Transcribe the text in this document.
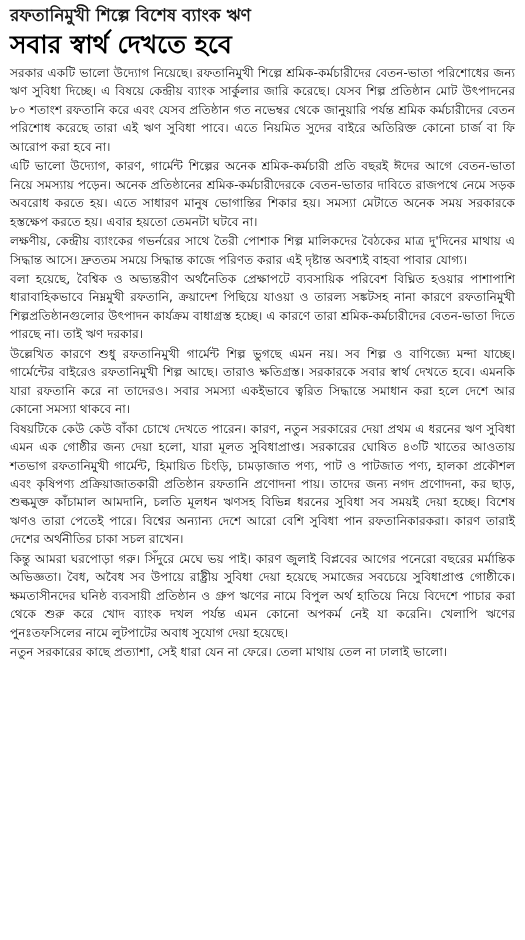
রফতানিমুখী শিল্পে বিশেষ ব্যাংক ঋণ
সবার স্বার্থ দেখতে হবে

সরকার একটি ভালো উদ্যোগ নিয়েছে। রফতানিমুখী শিল্পে শ্রমিক-কর্মচারীদের বেতন-ভাতা পরিশোধের জন্য ঋণ সুবিধা দিচ্ছে। এ বিষয়ে কেন্দ্রীয় ব্যাংক সার্কুলার জারি করেছে। যেসব শিল্প প্রতিষ্ঠান মোট উৎপাদনের ৮০ শতাংশ রফতানি করে এবং যেসব প্রতিষ্ঠান গত নভেম্বর থেকে জানুয়ারি পর্যন্ত শ্রমিক কর্মচারীদের বেতন পরিশোধ করেছে তারা এই ঋণ সুবিধা পাবে। এতে নিয়মিত সুদের বাইরে অতিরিক্ত কোনো চার্জ বা ফি আরোপ করা হবে না।

এটি ভালো উদ্যোগ, কারণ, গার্মেন্ট শিল্পের অনেক শ্রমিক-কর্মচারী প্রতি বছরই ঈদের আগে বেতন-ভাতা নিয়ে সমস্যায় পড়েন। অনেক প্রতিষ্ঠানের শ্রমিক-কর্মচারীদেরকে বেতন-ভাতার দাবিতে রাজপথে নেমে সড়ক অবরোধ করতে হয়। এতে সাধারণ মানুষ ভোগান্তির শিকার হয়। সমস্যা মেটাতে অনেক সময় সরকারকে হস্তক্ষেপ করতে হয়। এবার হয়তো তেমনটা ঘটবে না।

লক্ষণীয়, কেন্দ্রীয় ব্যাংকের গভর্নরের সাথে তৈরী পোশাক শিল্প মালিকদের বৈঠকের মাত্র দু'দিনের মাথায় এ সিদ্ধান্ত আসে। দ্রুততম সময়ে সিদ্ধান্ত কাজে পরিণত করার এই দৃষ্টান্ত অবশ্যই বাহবা পাবার যোগ্য।

বলা হয়েছে, বৈশ্বিক ও অভ্যন্তরীণ অর্থনৈতিক প্রেক্ষাপটে ব্যবসায়িক পরিবেশ বিঘ্নিত হওয়ার পাশাপাশি ধারাবাহিকভাবে নিম্নমুখী রফতানি, ক্রয়াদেশ পিছিয়ে যাওয়া ও তারল্য সঙ্কটসহ নানা কারণে রফতানিমুখী শিল্পপ্রতিষ্ঠানগুলোর উৎপাদন কার্যক্রম বাধাগ্রস্ত হচ্ছে। এ কারণে তারা শ্রমিক-কর্মচারীদের বেতন-ভাতা দিতে পারছে না। তাই ঋণ দরকার।

উল্লেখিত কারণে শুধু রফতানিমুখী গার্মেন্ট শিল্প ভুগছে এমন নয়। সব শিল্প ও বাণিজ্যে মন্দা যাচ্ছে। গার্মেন্টের বাইরেও রফতানিমুখী শিল্প আছে। তারাও ক্ষতিগ্রস্ত। সরকারকে সবার স্বার্থ দেখতে হবে। এমনকি যারা রফতানি করে না তাদেরও। সবার সমস্যা একইভাবে ত্বরিত সিদ্ধান্তে সমাধান করা হলে দেশে আর কোনো সমস্যা থাকবে না।

বিষয়টিকে কেউ কেউ বাঁকা চোখে দেখতে পারেন। কারণ, নতুন সরকারের দেয়া প্রথম এ ধরনের ঋণ সুবিধা এমন এক গোষ্ঠীর জন্য দেয়া হলো, যারা মূলত সুবিধাপ্রাপ্ত। সরকারের ঘোষিত ৪৩টি খাতের আওতায় শতভাগ রফতানিমুখী গার্মেন্ট, হিমায়িত চিংড়ি, চামড়াজাত পণ্য, পাট ও পাটজাত পণ্য, হালকা প্রকৌশল এবং কৃষিপণ্য প্রক্রিয়াজাতকারী প্রতিষ্ঠান রফতানি প্রণোদনা পায়। তাদের জন্য নগদ প্রণোদনা, কর ছাড়, শুল্কমুক্ত কাঁচামাল আমদানি, চলতি মূলধন ঋণসহ বিভিন্ন ধরনের সুবিধা সব সময়ই দেয়া হচ্ছে। বিশেষ ঋণও তারা পেতেই পারে। বিশ্বের অন্যান্য দেশে আরো বেশি সুবিধা পান রফতানিকারকরা। কারণ তারাই দেশের অর্থনীতির চাকা সচল রাখেন।

কিন্তু আমরা ঘরপোড়া গরু। সিঁদুরে মেঘে ভয় পাই। কারণ জুলাই বিপ্লবের আগের পনেরো বছরের মর্মান্তিক অভিজ্ঞতা। বৈধ, অবৈধ সব উপায়ে রাষ্ট্রীয় সুবিধা দেয়া হয়েছে সমাজের সবচেয়ে সুবিধাপ্রাপ্ত গোষ্ঠীকে। ক্ষমতাসীনদের ঘনিষ্ঠ ব্যবসায়ী প্রতিষ্ঠান ও গ্রুপ ঋণের নামে বিপুল অর্থ হাতিয়ে নিয়ে বিদেশে পাচার করা থেকে শুরু করে খোদ ব্যাংক দখল পর্যন্ত এমন কোনো অপকর্ম নেই যা করেনি। খেলাপি ঋণের পুনঃতফসিলের নামে লুটপাটের অবাধ সুযোগ দেয়া হয়েছে।

নতুন সরকারের কাছে প্রত্যাশা, সেই ধারা যেন না ফেরে। তেলা মাথায় তেল না ঢালাই ভালো।
